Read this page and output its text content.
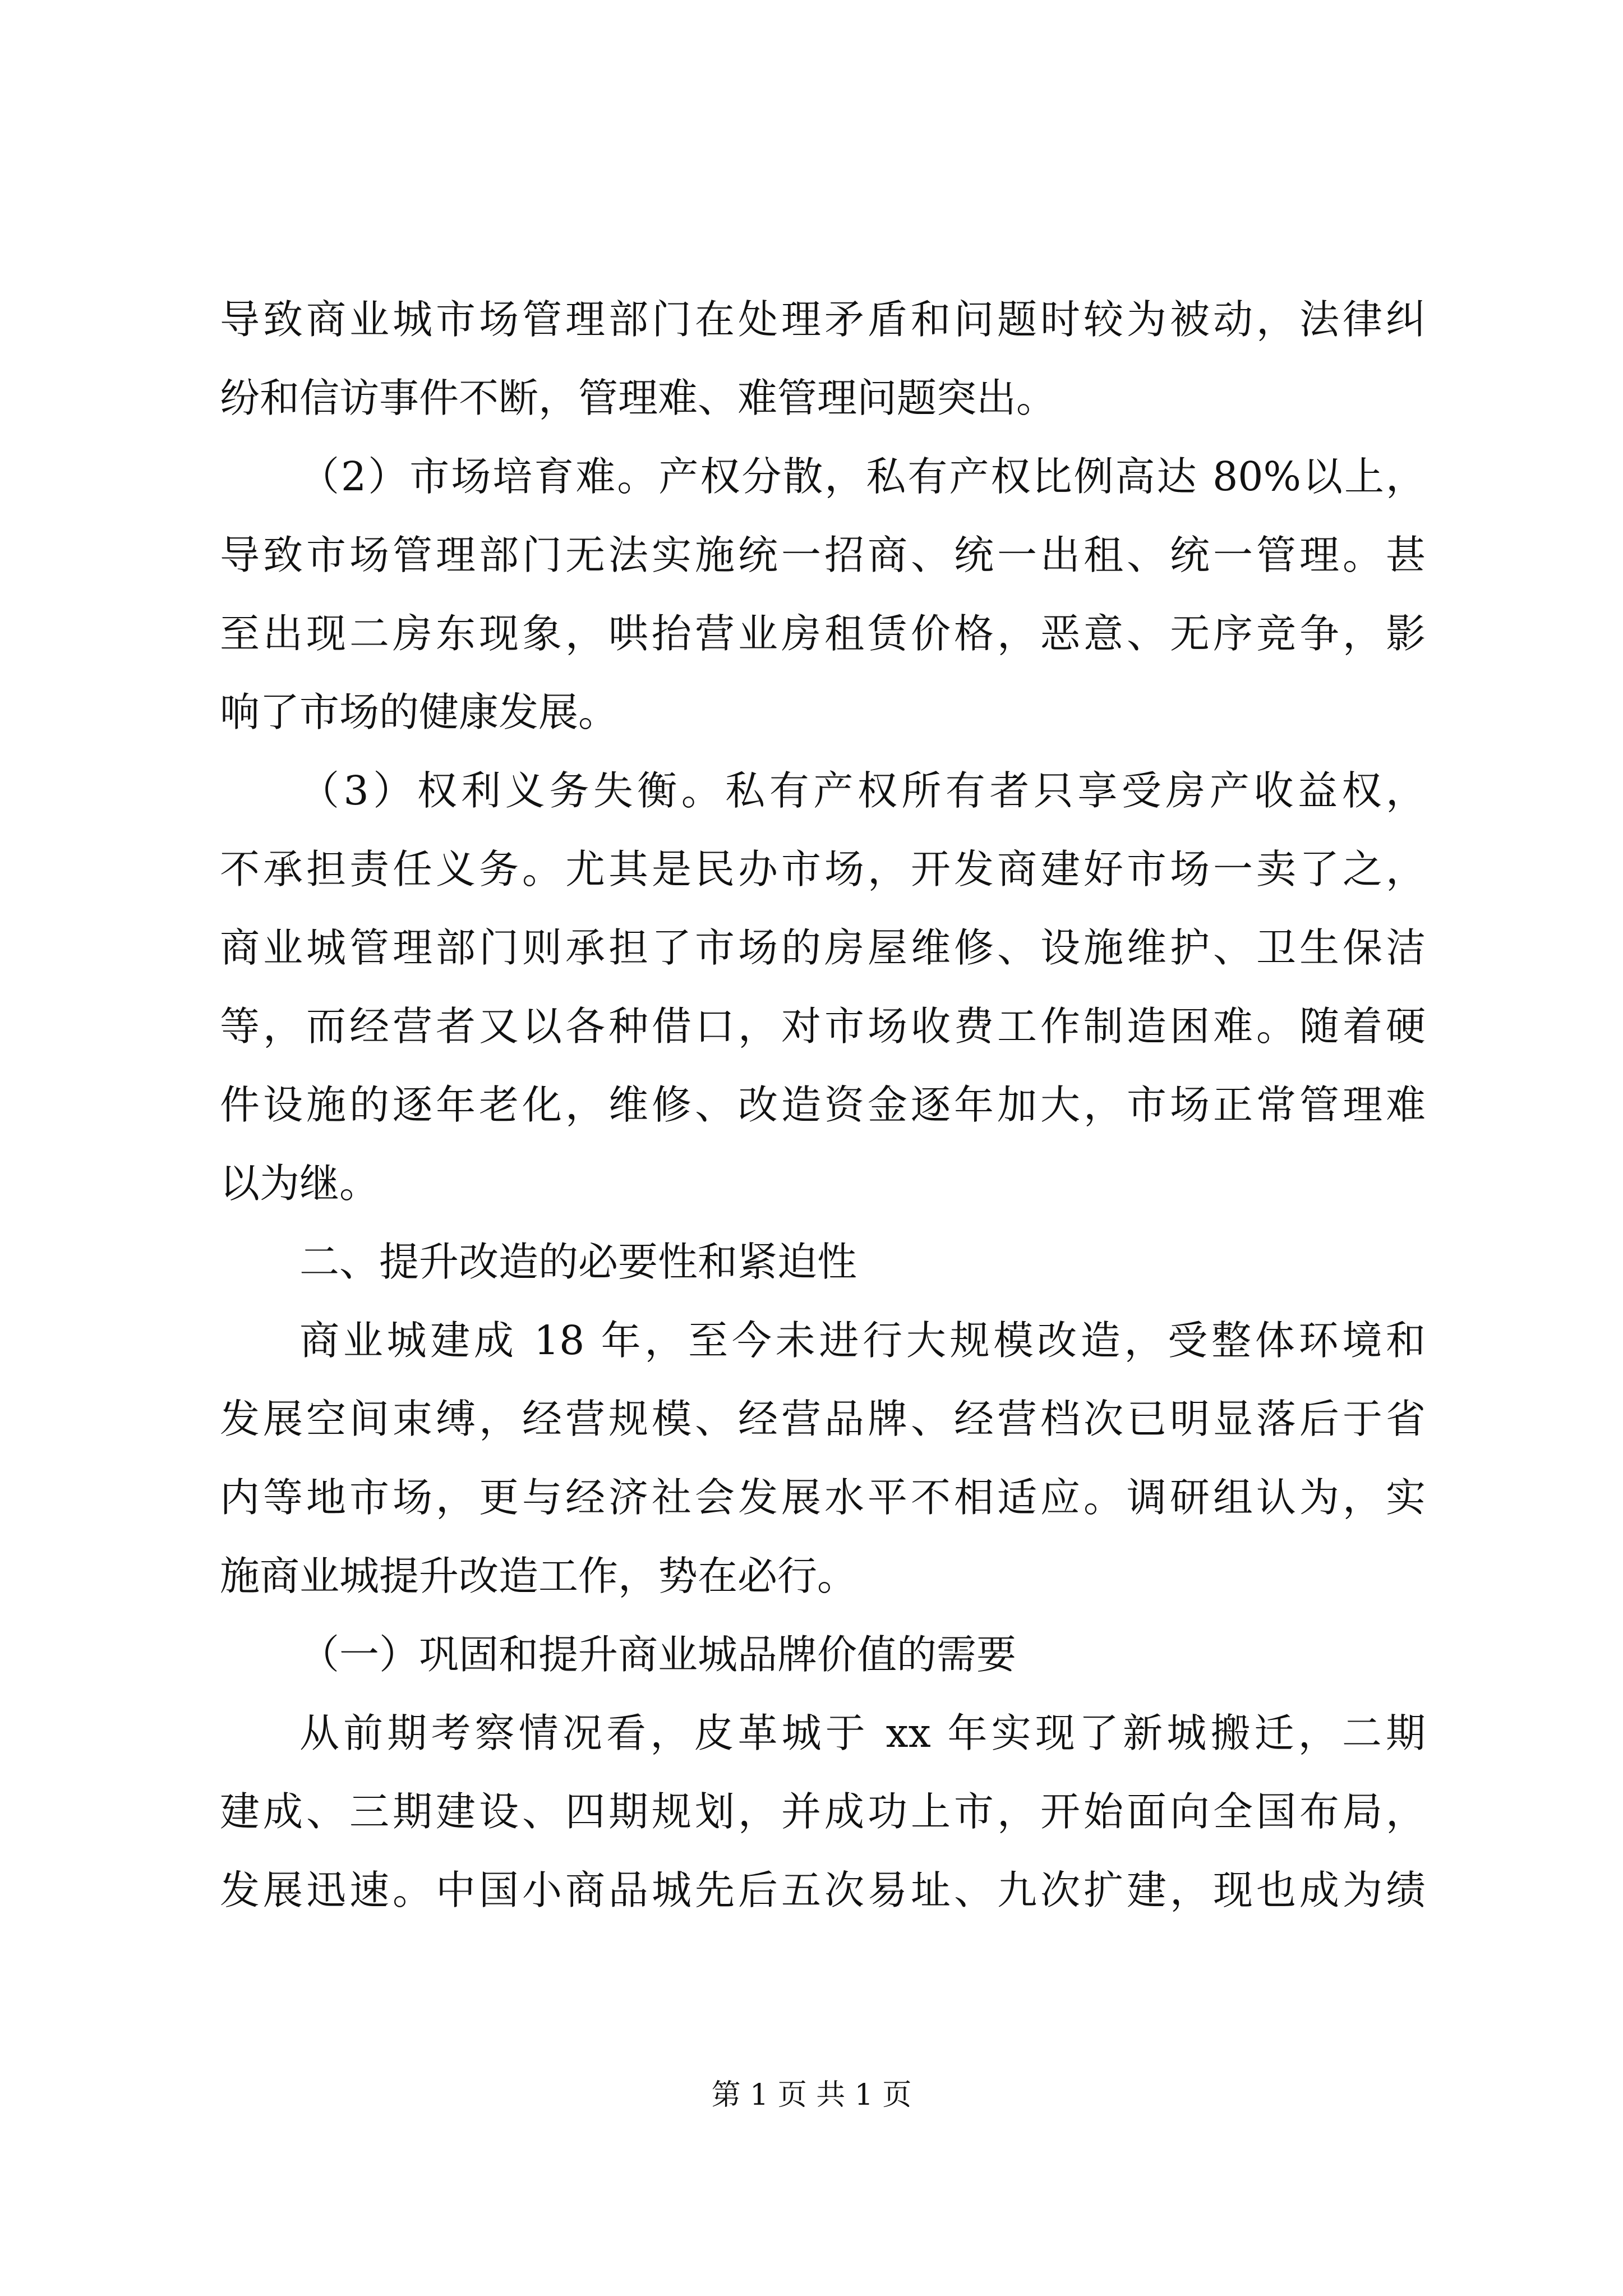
导致商业城市场管理部门在处理矛盾和问题时较为被动，法律纠
纷和信访事件不断，管理难、难管理问题突出。
（2）市场培育难。产权分散，私有产权比例高达 80%以上，
导致市场管理部门无法实施统一招商、统一出租、统一管理。甚
至出现二房东现象，哄抬营业房租赁价格，恶意、无序竞争，影
响了市场的健康发展。
（3）权利义务失衡。私有产权所有者只享受房产收益权，
不承担责任义务。尤其是民办市场，开发商建好市场一卖了之，
商业城管理部门则承担了市场的房屋维修、设施维护、卫生保洁
等，而经营者又以各种借口，对市场收费工作制造困难。随着硬
件设施的逐年老化，维修、改造资金逐年加大，市场正常管理难
以为继。
二、提升改造的必要性和紧迫性
商业城建成 18 年，至今未进行大规模改造，受整体环境和
发展空间束缚，经营规模、经营品牌、经营档次已明显落后于省
内等地市场，更与经济社会发展水平不相适应。调研组认为，实
施商业城提升改造工作，势在必行。
（一）巩固和提升商业城品牌价值的需要
从前期考察情况看，皮革城于 xx 年实现了新城搬迁，二期
建成、三期建设、四期规划，并成功上市，开始面向全国布局，
发展迅速。中国小商品城先后五次易址、九次扩建，现也成为绩
第 1 页 共 1 页
